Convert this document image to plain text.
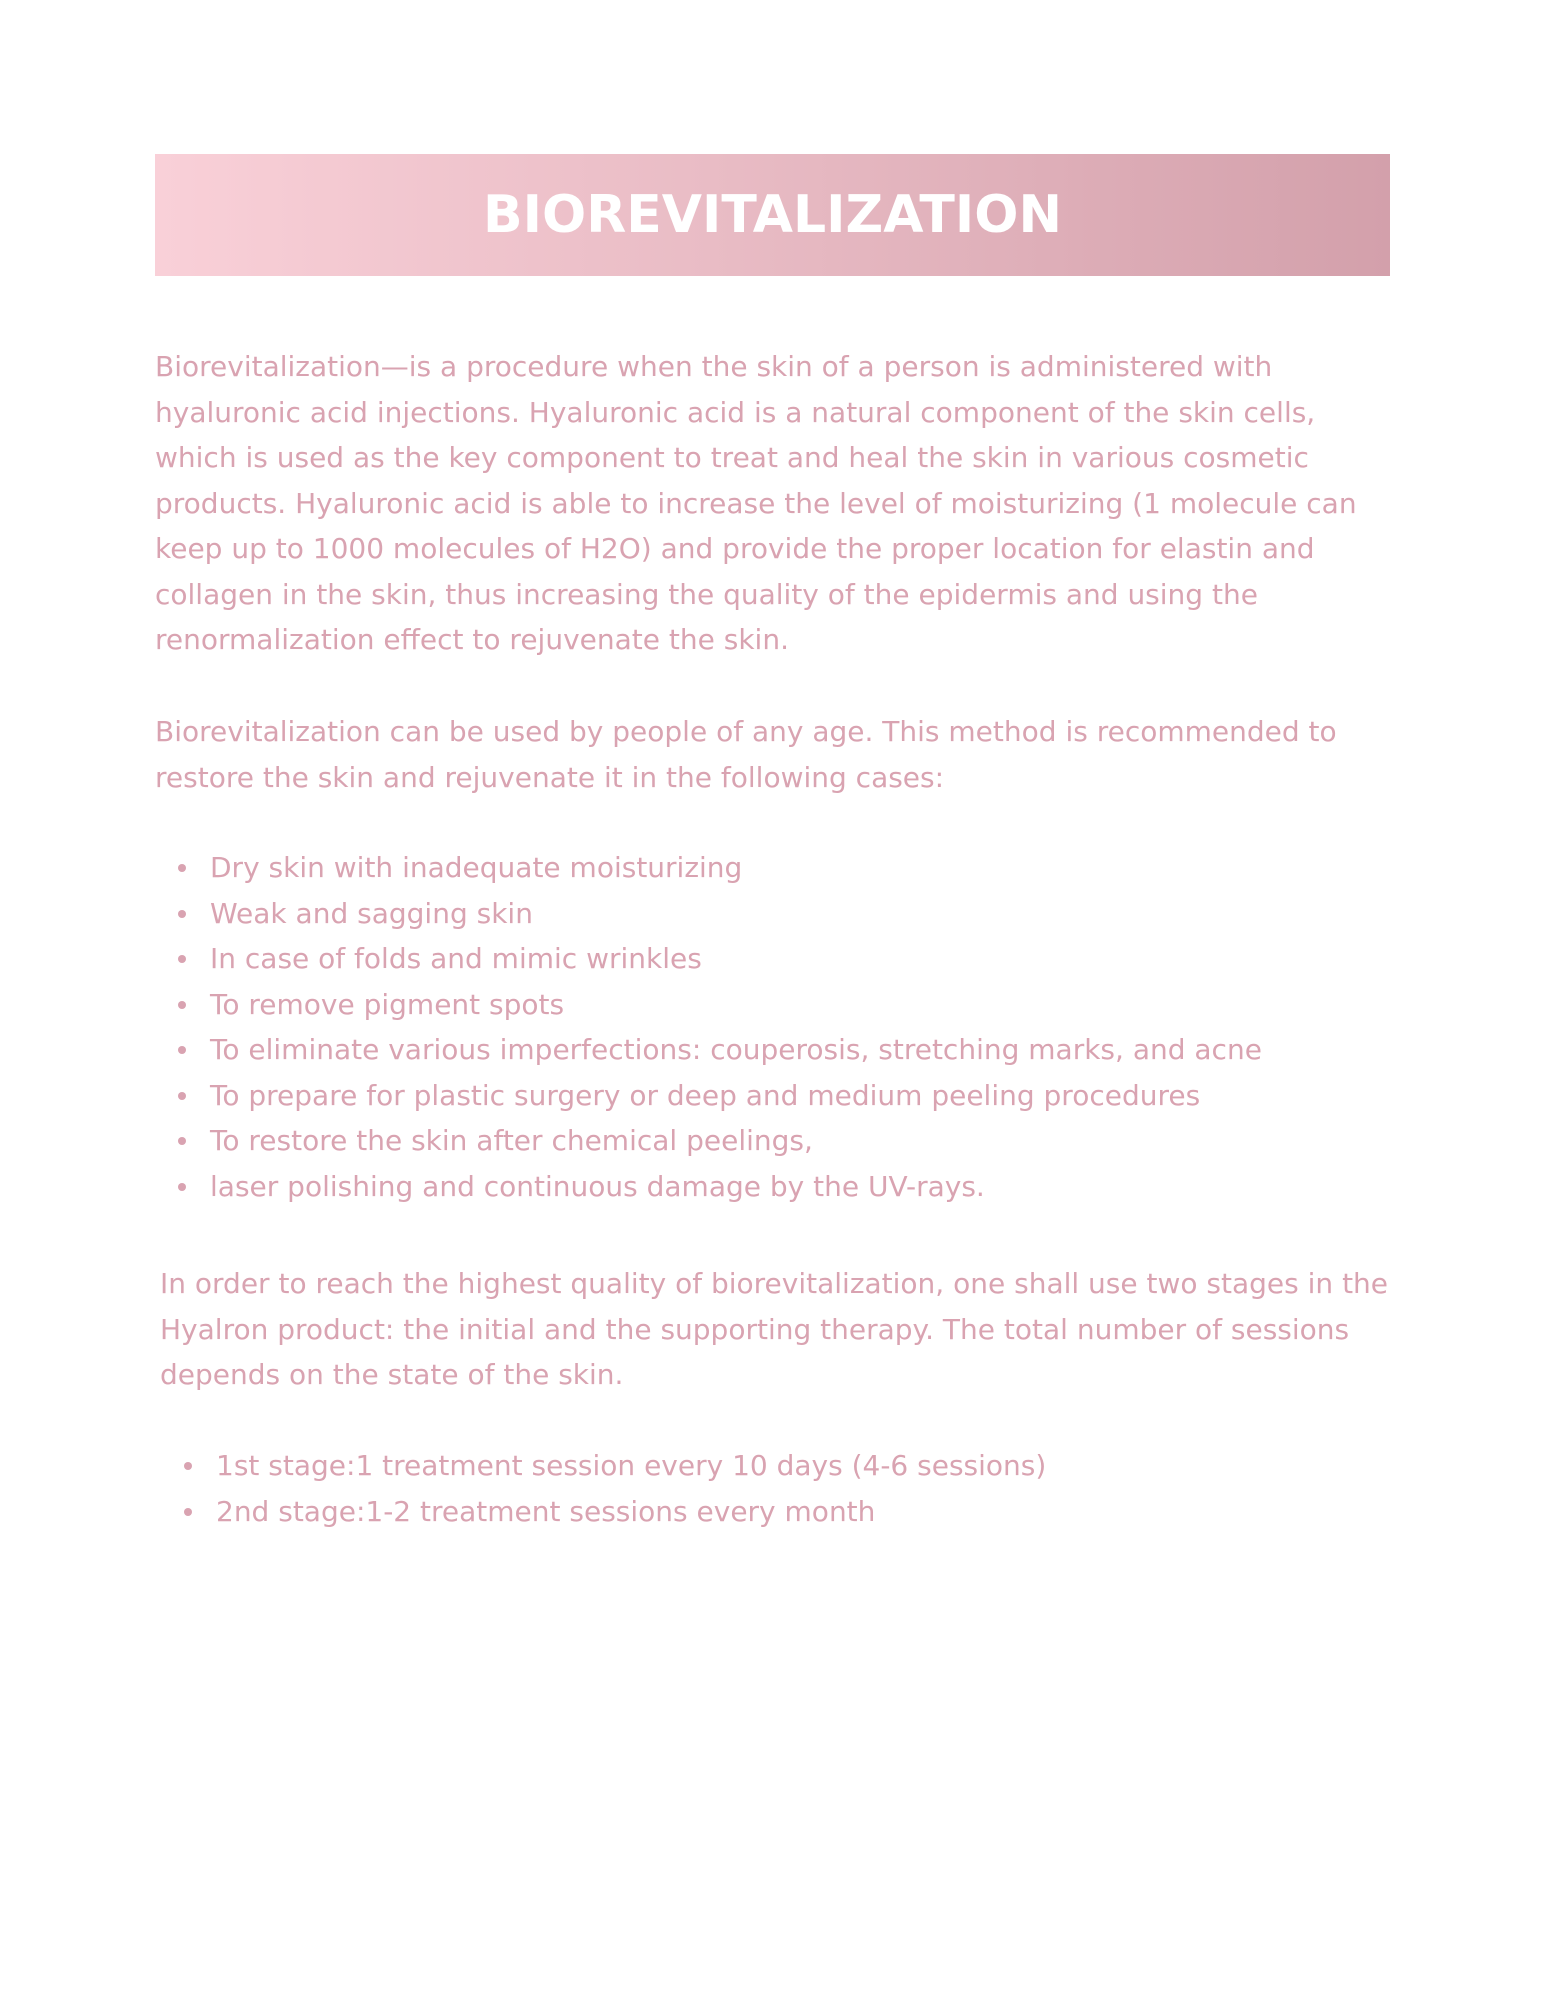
BIOREVITALIZATION

Biorevitalization—is a procedure when the skin of a person is administered with hyaluronic acid injections. Hyaluronic acid is a natural component of the skin cells, which is used as the key component to treat and heal the skin in various cosmetic products. Hyaluronic acid is able to increase the level of moisturizing (1 molecule can keep up to 1000 molecules of H2O) and provide the proper location for elastin and collagen in the skin, thus increasing the quality of the epidermis and using the renormalization effect to rejuvenate the skin.

Biorevitalization can be used by people of any age. This method is recommended to restore the skin and rejuvenate it in the following cases:

Dry skin with inadequate moisturizing
Weak and sagging skin
In case of folds and mimic wrinkles
To remove pigment spots
To eliminate various imperfections: couperosis, stretching marks, and acne
To prepare for plastic surgery or deep and medium peeling procedures
To restore the skin after chemical peelings,
laser polishing and continuous damage by the UV-rays.

In order to reach the highest quality of biorevitalization, one shall use two stages in the Hyalron product: the initial and the supporting therapy. The total number of sessions depends on the state of the skin.

1st stage:1 treatment session every 10 days (4-6 sessions)
2nd stage:1-2 treatment sessions every month
